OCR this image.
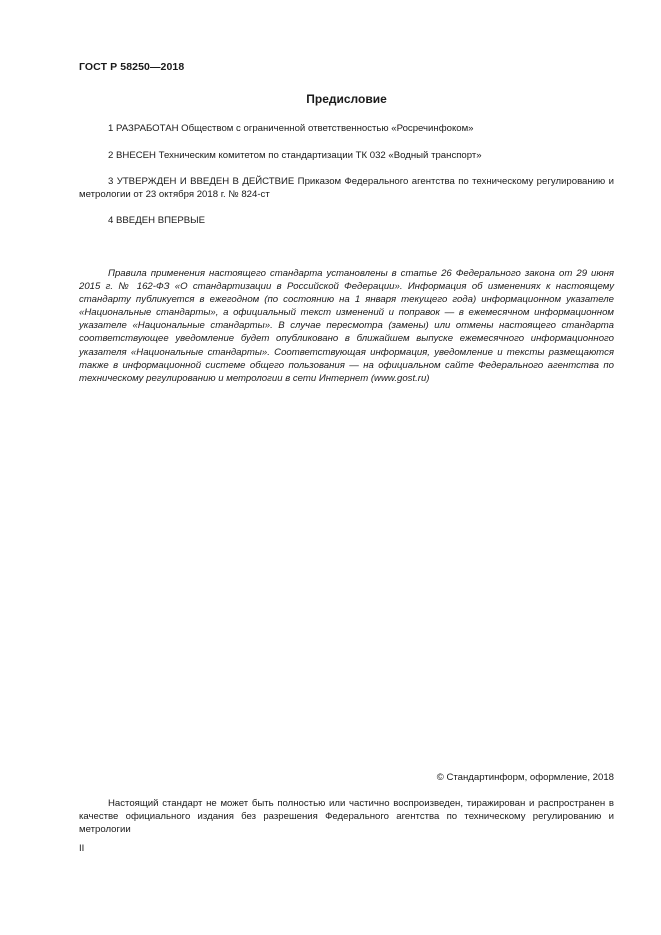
ГОСТ Р 58250—2018
Предисловие
1 РАЗРАБОТАН Обществом с ограниченной ответственностью «Росречинфоком»
2 ВНЕСЕН Техническим комитетом по стандартизации ТК 032 «Водный транспорт»
3 УТВЕРЖДЕН И ВВЕДЕН В ДЕЙСТВИЕ Приказом Федерального агентства по техническому регулированию и метрологии от 23 октября 2018 г. № 824-ст
4 ВВЕДЕН ВПЕРВЫЕ
Правила применения настоящего стандарта установлены в статье 26 Федерального закона от 29 июня 2015 г. № 162-ФЗ «О стандартизации в Российской Федерации». Информация об изменениях к настоящему стандарту публикуется в ежегодном (по состоянию на 1 января текущего года) информационном указателе «Национальные стандарты», а официальный текст изменений и поправок — в ежемесячном информационном указателе «Национальные стандарты». В случае пересмотра (замены) или отмены настоящего стандарта соответствующее уведомление будет опубликовано в ближайшем выпуске ежемесячного информационного указателя «Национальные стандарты». Соответствующая информация, уведомление и тексты размещаются также в информационной системе общего пользования — на официальном сайте Федерального агентства по техническому регулированию и метрологии в сети Интернет (www.gost.ru)
© Стандартинформ, оформление, 2018
Настоящий стандарт не может быть полностью или частично воспроизведен, тиражирован и распространен в качестве официального издания без разрешения Федерального агентства по техническому регулированию и метрологии
II
